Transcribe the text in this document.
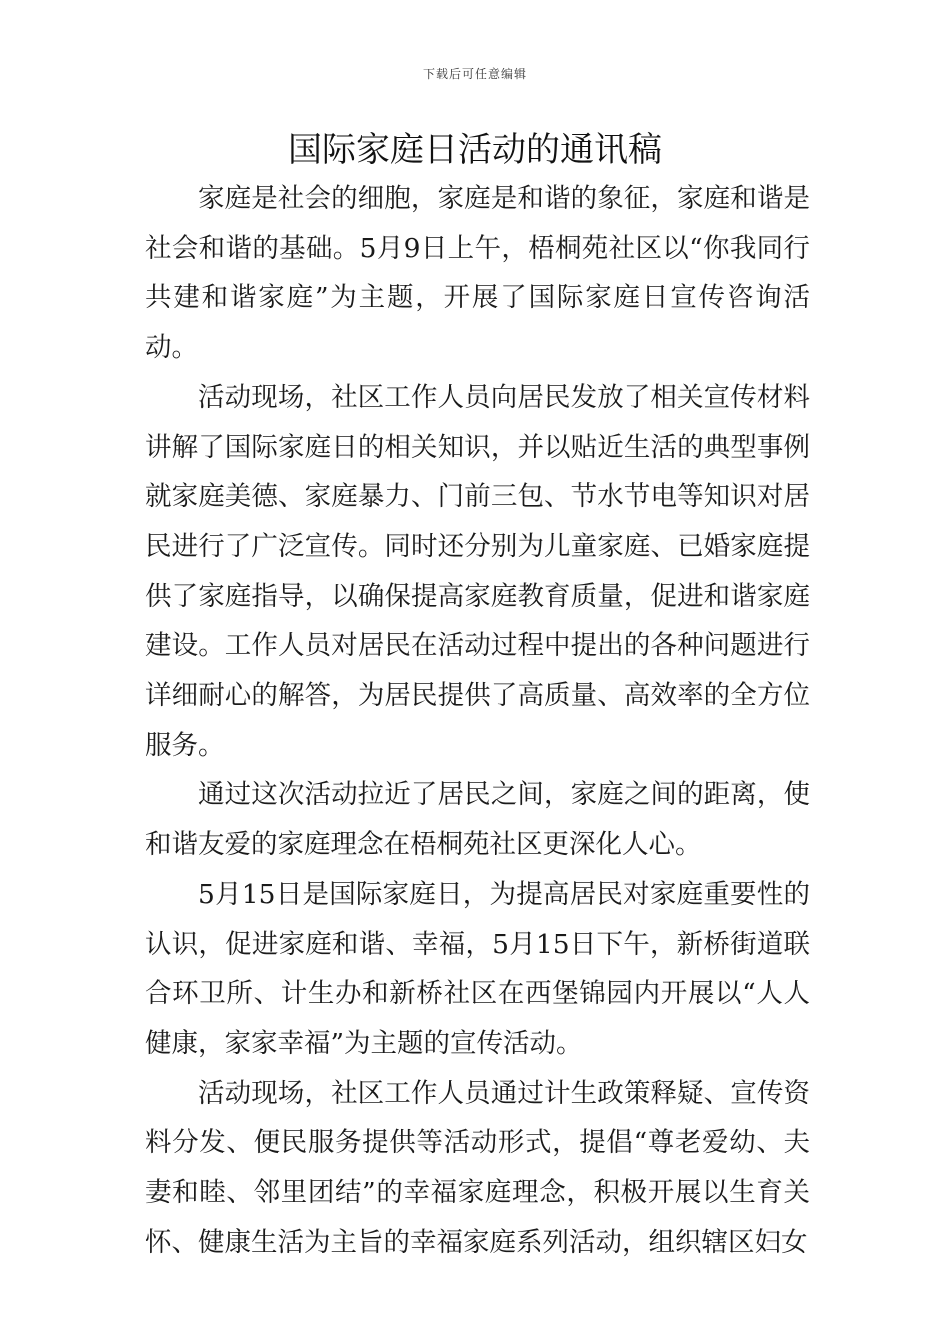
下载后可任意编辑
国际家庭日活动的通讯稿

家庭是社会的细胞，家庭是和谐的象征，家庭和谐是社会和谐的基础。5月9日上午，梧桐苑社区以“你我同行共建和谐家庭”为主题，开展了国际家庭日宣传咨询活动。

活动现场，社区工作人员向居民发放了相关宣传材料讲解了国际家庭日的相关知识，并以贴近生活的典型事例就家庭美德、家庭暴力、门前三包、节水节电等知识对居民进行了广泛宣传。同时还分别为儿童家庭、已婚家庭提供了家庭指导，以确保提高家庭教育质量，促进和谐家庭建设。工作人员对居民在活动过程中提出的各种问题进行详细耐心的解答，为居民提供了高质量、高效率的全方位服务。

通过这次活动拉近了居民之间，家庭之间的距离，使和谐友爱的家庭理念在梧桐苑社区更深化人心。

5月15日是国际家庭日，为提高居民对家庭重要性的认识，促进家庭和谐、幸福，5月15日下午，新桥街道联合环卫所、计生办和新桥社区在西堡锦园内开展以“人人健康，家家幸福”为主题的宣传活动。

活动现场，社区工作人员通过计生政策释疑、宣传资料分发、便民服务提供等活动形式，提倡“尊老爱幼、夫妻和睦、邻里团结”的幸福家庭理念，积极开展以生育关怀、健康生活为主旨的幸福家庭系列活动，组织辖区妇女
